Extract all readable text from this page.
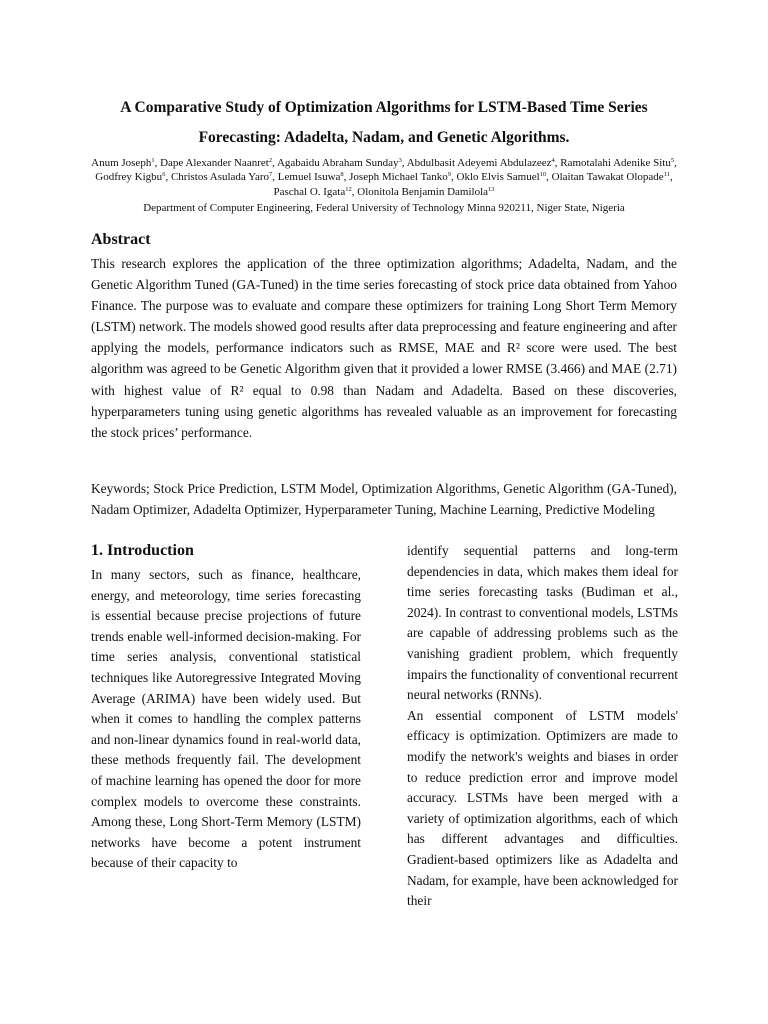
A Comparative Study of Optimization Algorithms for LSTM-Based Time Series Forecasting: Adadelta, Nadam, and Genetic Algorithms.
Anum Joseph$^1$, Dape Alexander Naanret$^2$, Agabaidu Abraham Sunday$^3$, Abdulbasit Adeyemi Abdulazeez$^4$, Ramotalahi Adenike Situ$^5$, Godfrey Kigbu$^6$, Christos Asulada Yaro$^7$, Lemuel Isuwa$^8$, Joseph Michael Tanko$^9$, Oklo Elvis Samuel$^{10}$, Olaitan Tawakat Olopade$^{11}$, Paschal O. Igata$^{12}$, Olonitola Benjamin Damilola$^{13}$
Department of Computer Engineering, Federal University of Technology Minna 920211, Niger State, Nigeria
Abstract

This research explores the application of the three optimization algorithms; Adadelta, Nadam, and the Genetic Algorithm Tuned (GA-Tuned) in the time series forecasting of stock price data obtained from Yahoo Finance. The purpose was to evaluate and compare these optimizers for training Long Short Term Memory (LSTM) network. The models showed good results after data preprocessing and feature engineering and after applying the models, performance indicators such as RMSE, MAE and R² score were used. The best algorithm was agreed to be Genetic Algorithm given that it provided a lower RMSE (3.466) and MAE (2.71) with highest value of R² equal to 0.98 than Nadam and Adadelta. Based on these discoveries, hyperparameters tuning using genetic algorithms has revealed valuable as an improvement for forecasting the stock prices’ performance.

Keywords; Stock Price Prediction, LSTM Model, Optimization Algorithms, Genetic Algorithm (GA-Tuned), Nadam Optimizer, Adadelta Optimizer, Hyperparameter Tuning, Machine Learning, Predictive Modeling

1. Introduction

In many sectors, such as finance, healthcare, energy, and meteorology, time series forecasting is essential because precise projections of future trends enable well-informed decision-making. For time series analysis, conventional statistical techniques like Autoregressive Integrated Moving Average (ARIMA) have been widely used. But when it comes to handling the complex patterns and non-linear dynamics found in real-world data, these methods frequently fail. The development of machine learning has opened the door for more complex models to overcome these constraints. Among these, Long Short-Term Memory (LSTM) networks have become a potent instrument because of their capacity to

identify sequential patterns and long-term dependencies in data, which makes them ideal for time series forecasting tasks (Budiman et al., 2024). In contrast to conventional models, LSTMs are capable of addressing problems such as the vanishing gradient problem, which frequently impairs the functionality of conventional recurrent neural networks (RNNs).

An essential component of LSTM models' efficacy is optimization. Optimizers are made to modify the network's weights and biases in order to reduce prediction error and improve model accuracy. LSTMs have been merged with a variety of optimization algorithms, each of which has different advantages and difficulties. Gradient-based optimizers like as Adadelta and Nadam, for example, have been acknowledged for their
